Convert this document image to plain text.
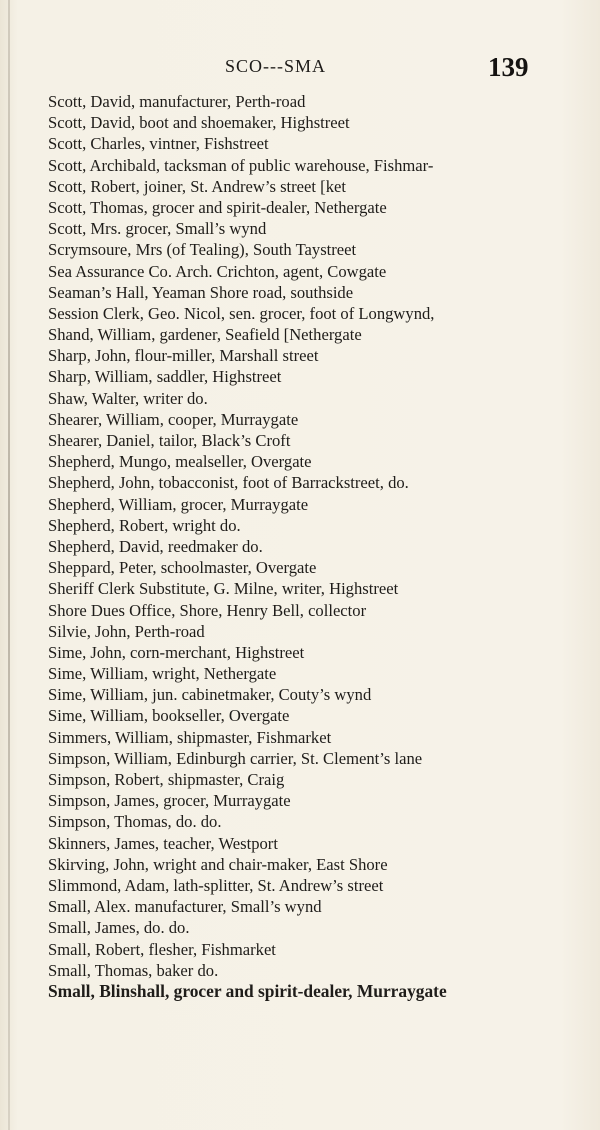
SCO---SMA	139
Scott, David, manufacturer, Perth-road
Scott, David, boot and shoemaker, Highstreet
Scott, Charles, vintner, Fishstreet
Scott, Archibald, tacksman of public warehouse, Fishmar-
Scott, Robert, joiner, St. Andrew’s street [ket
Scott, Thomas, grocer and spirit-dealer, Nethergate
Scott, Mrs. grocer, Small’s wynd
Scrymsoure, Mrs (of Tealing), South Taystreet
Sea Assurance Co. Arch. Crichton, agent, Cowgate
Seaman’s Hall, Yeaman Shore road, southside
Session Clerk, Geo. Nicol, sen. grocer, foot of Longwynd,
Shand, William, gardener, Seafield [Nethergate
Sharp, John, flour-miller, Marshall street
Sharp, William, saddler, Highstreet
Shaw, Walter, writer do.
Shearer, William, cooper, Murraygate
Shearer, Daniel, tailor, Black’s Croft
Shepherd, Mungo, mealseller, Overgate
Shepherd, John, tobacconist, foot of Barrackstreet, do.
Shepherd, William, grocer, Murraygate
Shepherd, Robert, wright do.
Shepherd, David, reedmaker do.
Sheppard, Peter, schoolmaster, Overgate
Sheriff Clerk Substitute, G. Milne, writer, Highstreet
Shore Dues Office, Shore, Henry Bell, collector
Silvie, John, Perth-road
Sime, John, corn-merchant, Highstreet
Sime, William, wright, Nethergate
Sime, William, jun. cabinetmaker, Couty’s wynd
Sime, William, bookseller, Overgate
Simmers, William, shipmaster, Fishmarket
Simpson, William, Edinburgh carrier, St. Clement’s lane
Simpson, Robert, shipmaster, Craig
Simpson, James, grocer, Murraygate
Simpson, Thomas, do. do.
Skinners, James, teacher, Westport
Skirving, John, wright and chair-maker, East Shore
Slimmond, Adam, lath-splitter, St. Andrew’s street
Small, Alex. manufacturer, Small’s wynd
Small, James, do. do.
Small, Robert, flesher, Fishmarket
Small, Thomas, baker do.
Small, Blinshall, grocer and spirit-dealer, Murraygate
